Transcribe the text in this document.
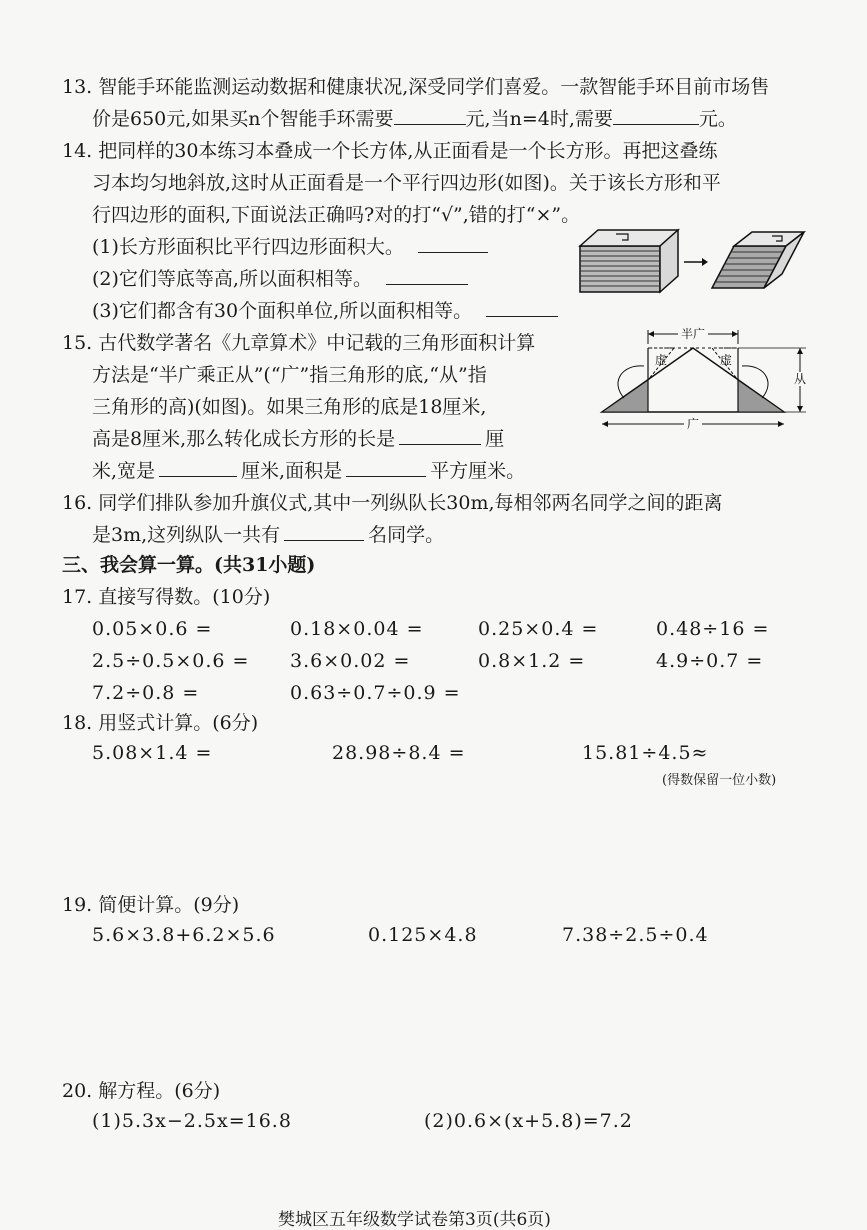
13. 智能手环能监测运动数据和健康状况,深受同学们喜爱。一款智能手环目前市场售
价是650元,如果买n个智能手环需要	元,当n=4时,需要	元。
14. 把同样的30本练习本叠成一个长方体,从正面看是一个长方形。再把这叠练
习本均匀地斜放,这时从正面看是一个平行四边形(如图)。关于该长方形和平
行四边形的面积,下面说法正确吗?对的打“√”,错的打“×”。
(1)长方形面积比平行四边形面积大。
(2)它们等底等高,所以面积相等。
(3)它们都含有30个面积单位,所以面积相等。
15. 古代数学著名《九章算术》中记载的三角形面积计算
方法是“半广乘正从”(“广”指三角形的底,“从”指
三角形的高)(如图)。如果三角形的底是18厘米,
高是8厘米,那么转化成长方形的长是	厘
米,宽是	厘米,面积是	平方厘米。
半广
虚	虚
从
广
16. 同学们排队参加升旗仪式,其中一列纵队长30m,每相邻两名同学之间的距离
是3m,这列纵队一共有	名同学。
三、我会算一算。(共31小题)
17. 直接写得数。(10分)
0.05×0.6 =	0.18×0.04 =	0.25×0.4 =	0.48÷16 =
2.5÷0.5×0.6 = 3.6×0.02 =	0.8×1.2 =	4.9÷0.7 =
7.2÷0.8 =	0.63÷0.7÷0.9 =
18. 用竖式计算。(6分)
5.08×1.4 =	28.98÷8.4 =	15.81÷4.5≈
(得数保留一位小数)
19. 简便计算。(9分)
5.6×3.8+6.2×5.6	0.125×4.8	7.38÷2.5÷0.4
20. 解方程。(6分)
(1)5.3x−2.5x=16.8	(2)0.6×(x+5.8)=7.2
樊城区五年级数学试卷第3页(共6页)
